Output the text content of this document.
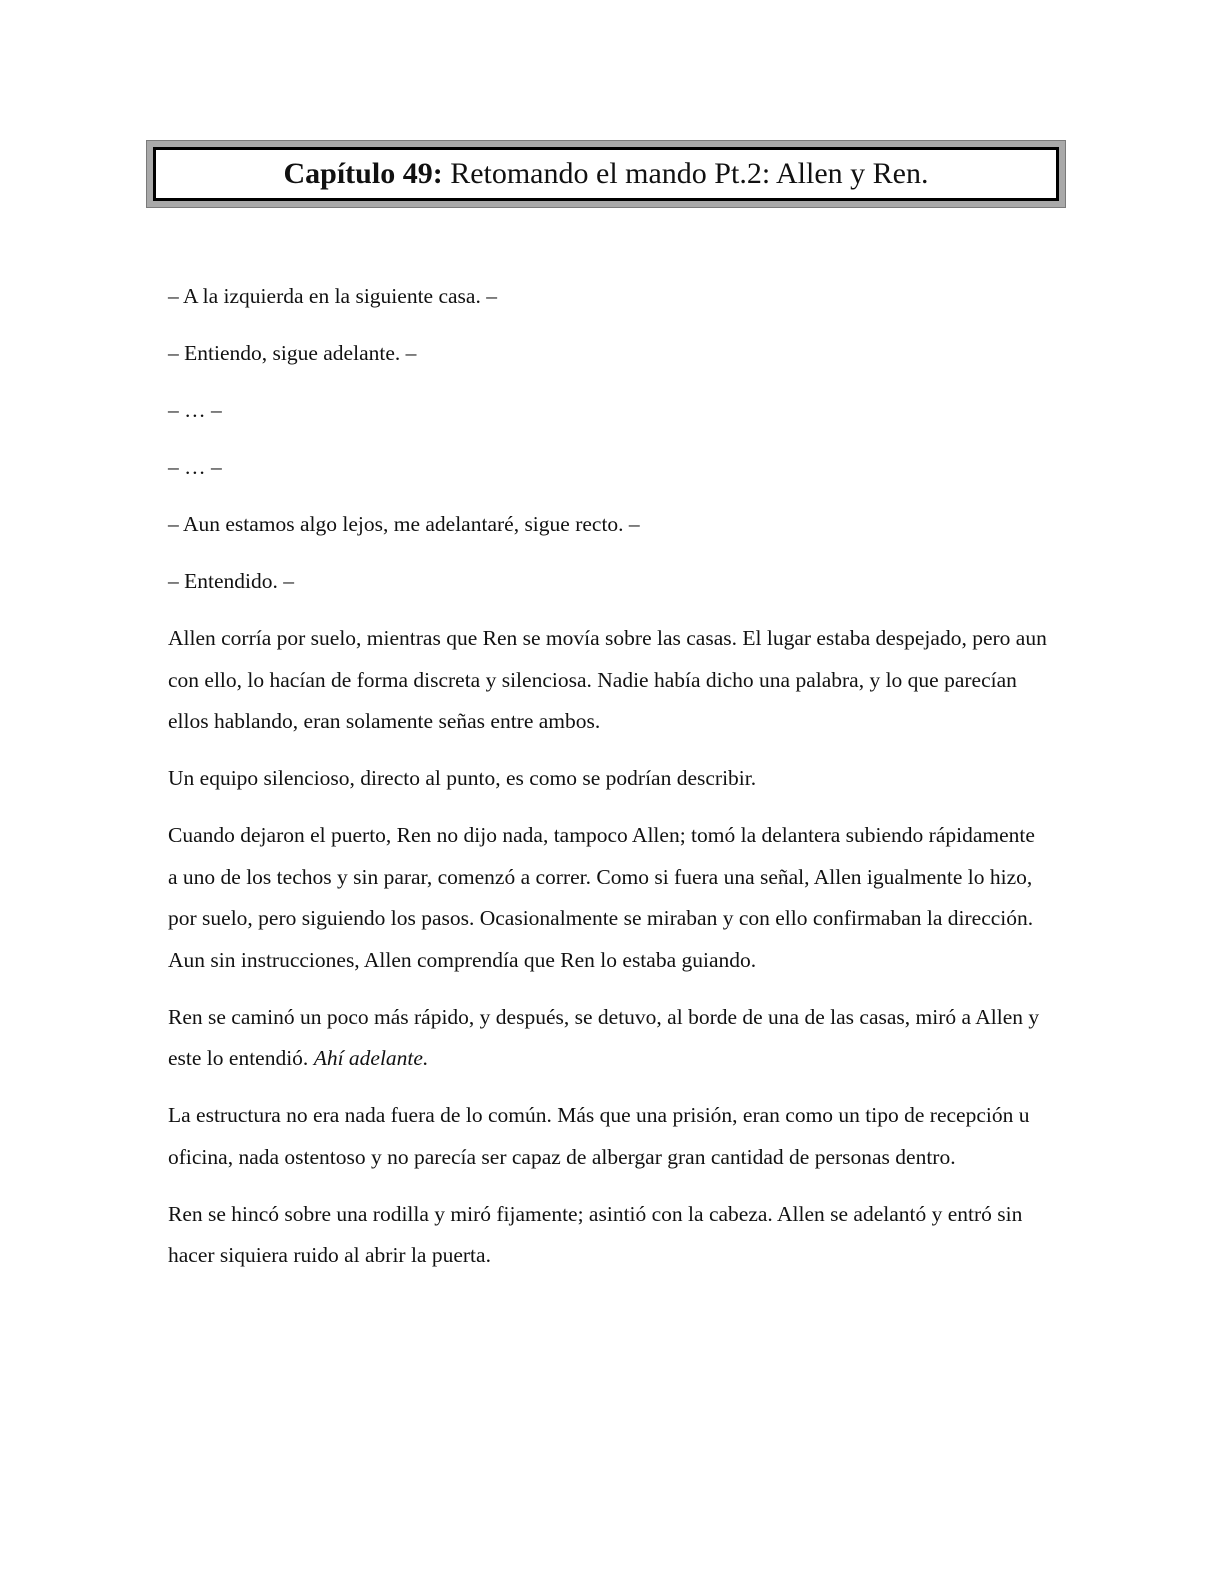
Capítulo 49:
Retomando el mando Pt.2: Allen y Ren.

– A la izquierda en la siguiente casa. –

– Entiendo, sigue adelante. –

– … –

– … –

– Aun estamos algo lejos, me adelantaré, sigue recto. –

– Entendido. –

Allen corría por suelo, mientras que Ren se movía sobre las casas. El lugar estaba despejado, pero aun con ello, lo hacían de forma discreta y silenciosa. Nadie había dicho una palabra, y lo que parecían ellos hablando, eran solamente señas entre ambos.

Un equipo silencioso, directo al punto, es como se podrían describir.

Cuando dejaron el puerto, Ren no dijo nada, tampoco Allen; tomó la delantera subiendo rápidamente a uno de los techos y sin parar, comenzó a correr. Como si fuera una señal, Allen igualmente lo hizo, por suelo, pero siguiendo los pasos. Ocasionalmente se miraban y con ello confirmaban la dirección. Aun sin instrucciones, Allen comprendía que Ren lo estaba guiando.

Ren se caminó un poco más rápido, y después, se detuvo, al borde de una de las casas, miró a Allen y este lo entendió. Ahí adelante.

La estructura no era nada fuera de lo común. Más que una prisión, eran como un tipo de recepción u oficina, nada ostentoso y no parecía ser capaz de albergar gran cantidad de personas dentro.

Ren se hincó sobre una rodilla y miró fijamente; asintió con la cabeza. Allen se adelantó y entró sin hacer siquiera ruido al abrir la puerta.
